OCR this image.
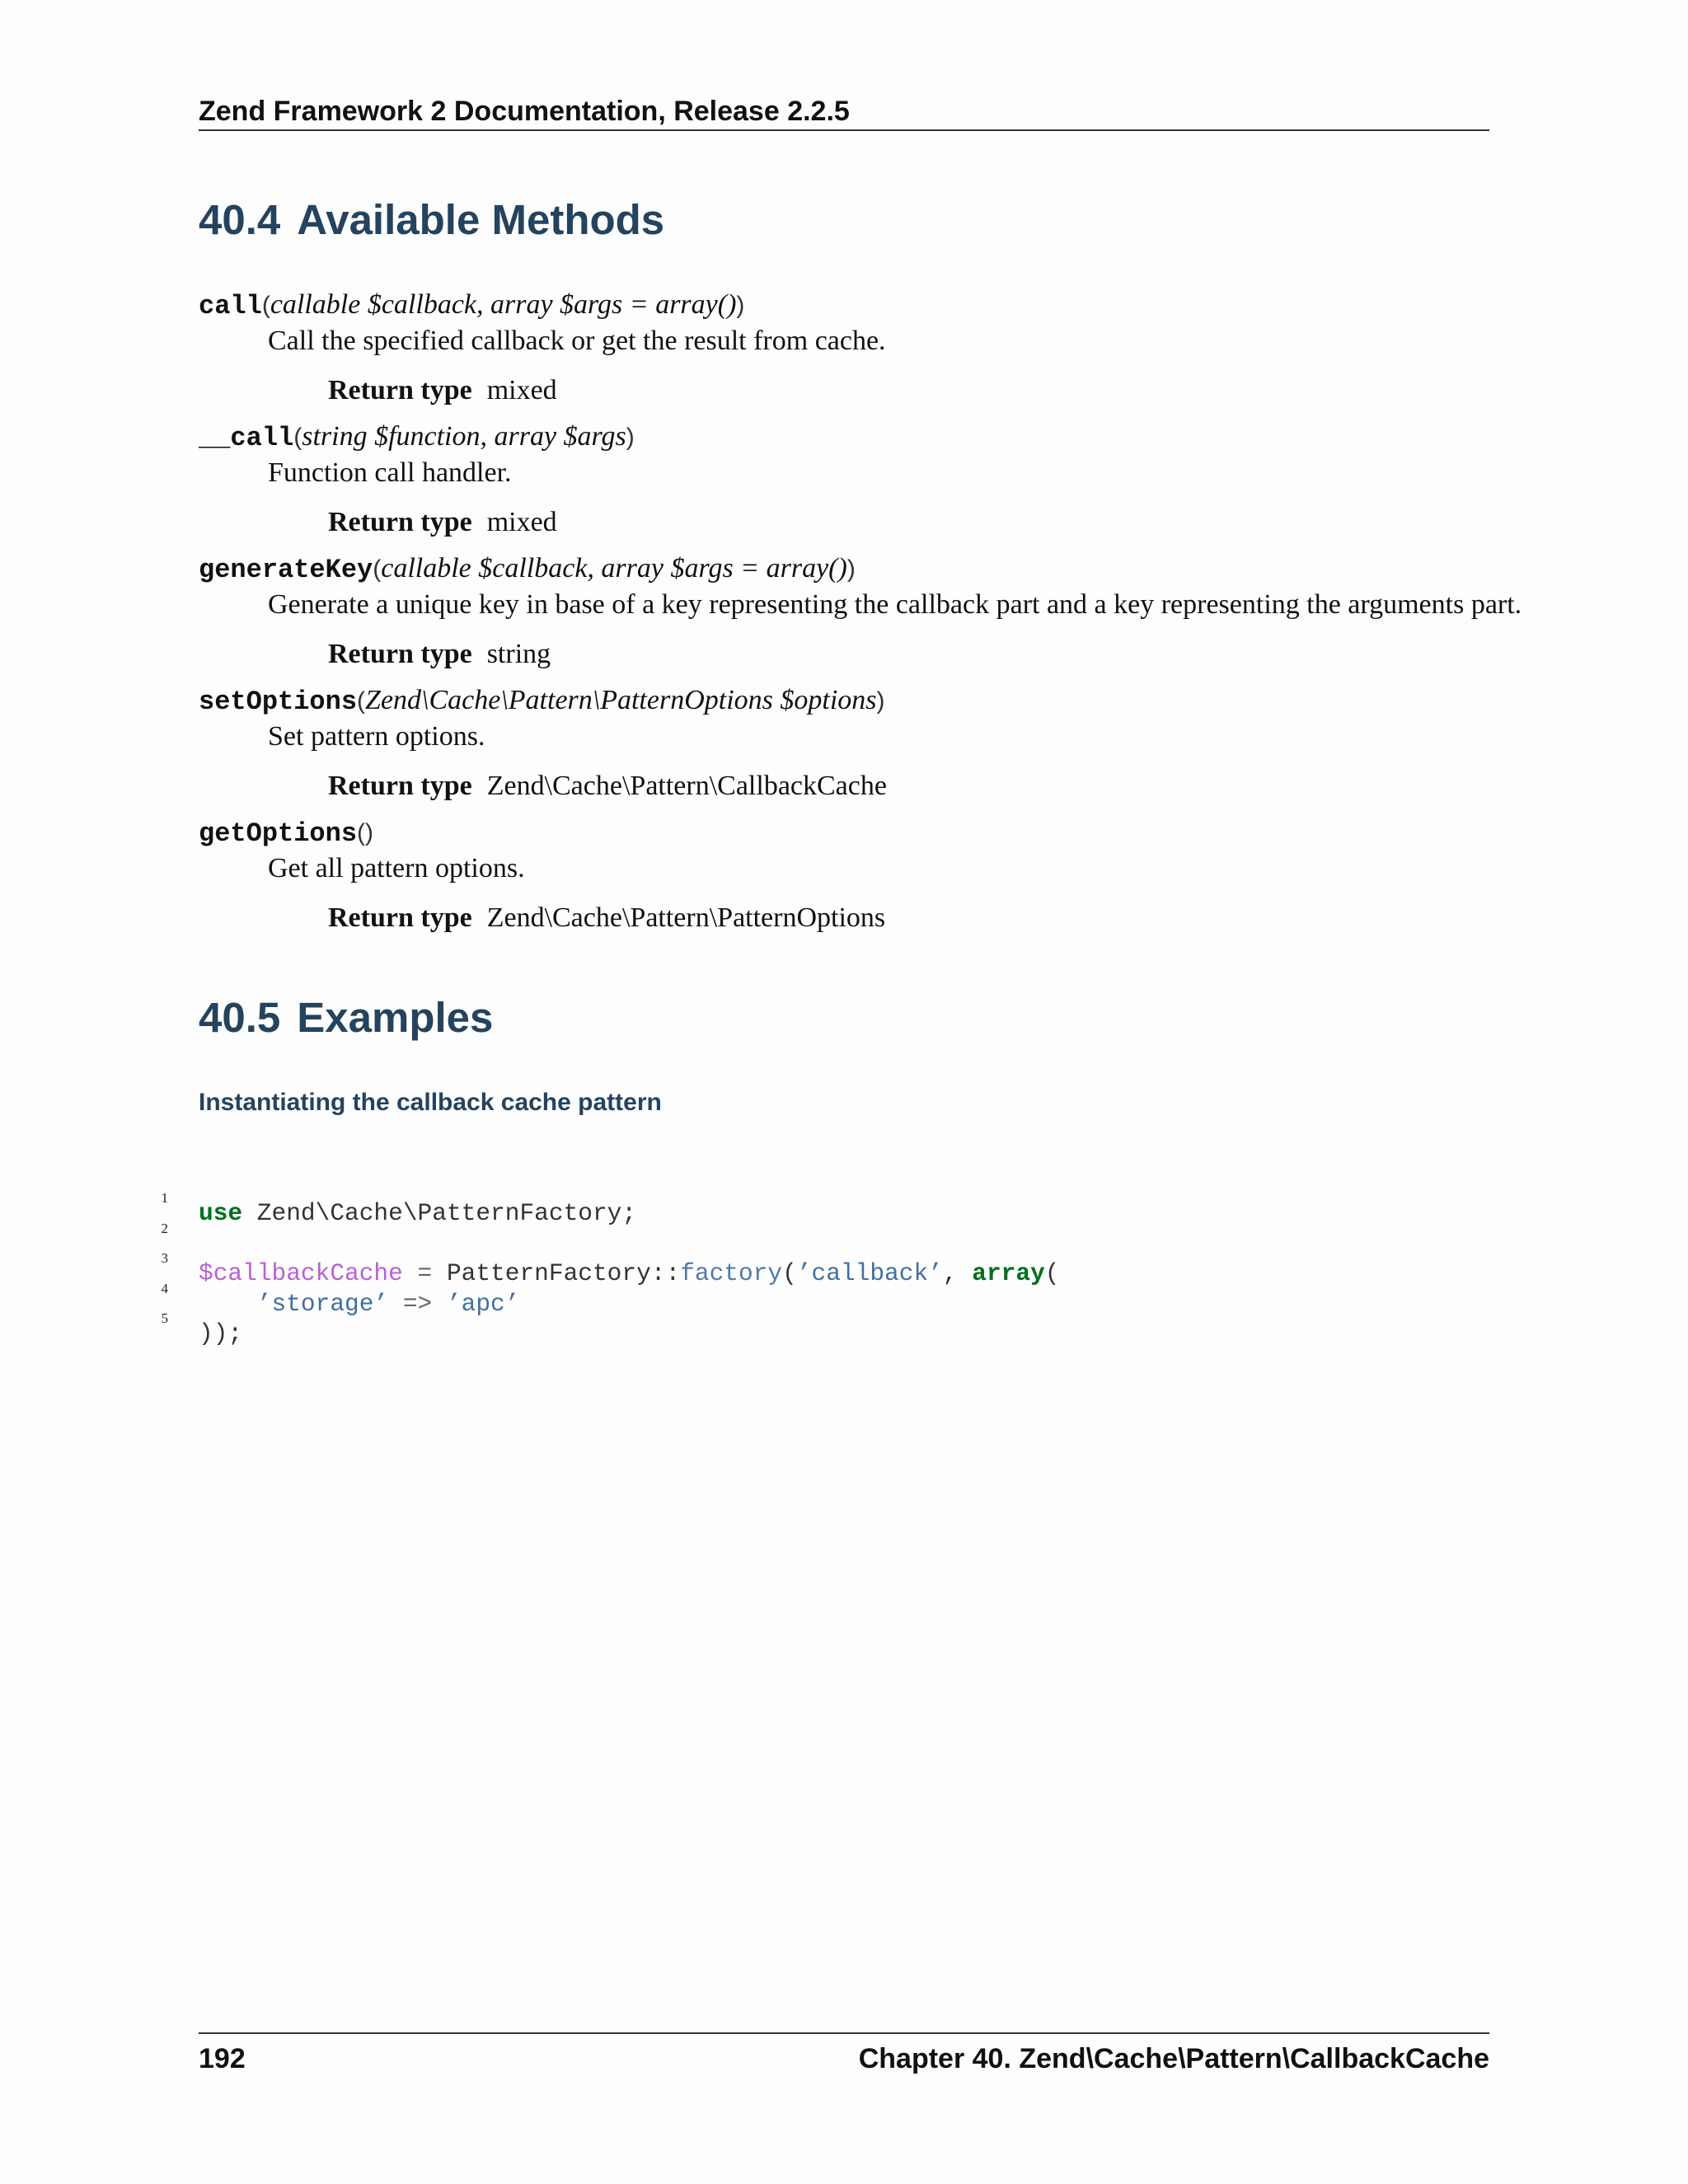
Zend Framework 2 Documentation, Release 2.2.5
40.4 Available Methods
call(callable $callback, array $args = array())
Call the specified callback or get the result from cache.
Return type mixed
__call(string $function, array $args)
Function call handler.
Return type mixed
generateKey(callable $callback, array $args = array())
Generate a unique key in base of a key representing the callback part and a key representing the arguments part.
Return type string
setOptions(Zend\Cache\Pattern\PatternOptions $options)
Set pattern options.
Return type Zend\Cache\Pattern\CallbackCache
getOptions()
Get all pattern options.
Return type Zend\Cache\Pattern\PatternOptions
40.5 Examples
Instantiating the callback cache pattern

1

use Zend\Cache\PatternFactory;

2

3

$callbackCache = PatternFactory::factory(’callback’, array(

4

’storage’ => ’apc’

5

));

192	Chapter 40. Zend\Cache\Pattern\CallbackCache
